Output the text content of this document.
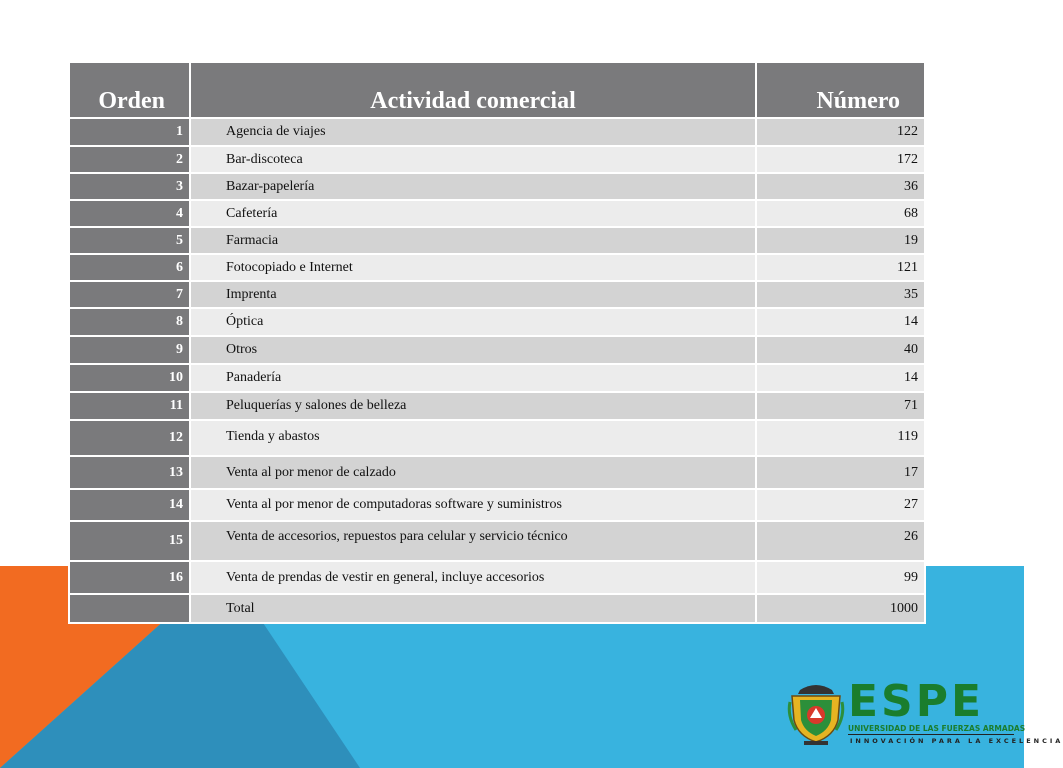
Orden	Actividad comercial	Número
1	Agencia de viajes	122
2	Bar-discoteca	172
3	Bazar-papelería	36
4	Cafetería	68
5	Farmacia	19
6	Fotocopiado e Internet	121
7	Imprenta	35
8	Óptica	14
9	Otros	40
10	Panadería	14
11	Peluquerías y salones de belleza	71
12	Tienda y abastos	119
13	Venta al por menor de calzado	17
14	Venta al por menor de computadoras software y suministros	27
15	Venta de accesorios, repuestos para celular y servicio técnico	26
16	Venta de prendas de vestir en general, incluye accesorios	99
	Total	1000
ESPE
UNIVERSIDAD DE LAS FUERZAS ARMADAS
INNOVACIÓN PARA LA EXCELENCIA
